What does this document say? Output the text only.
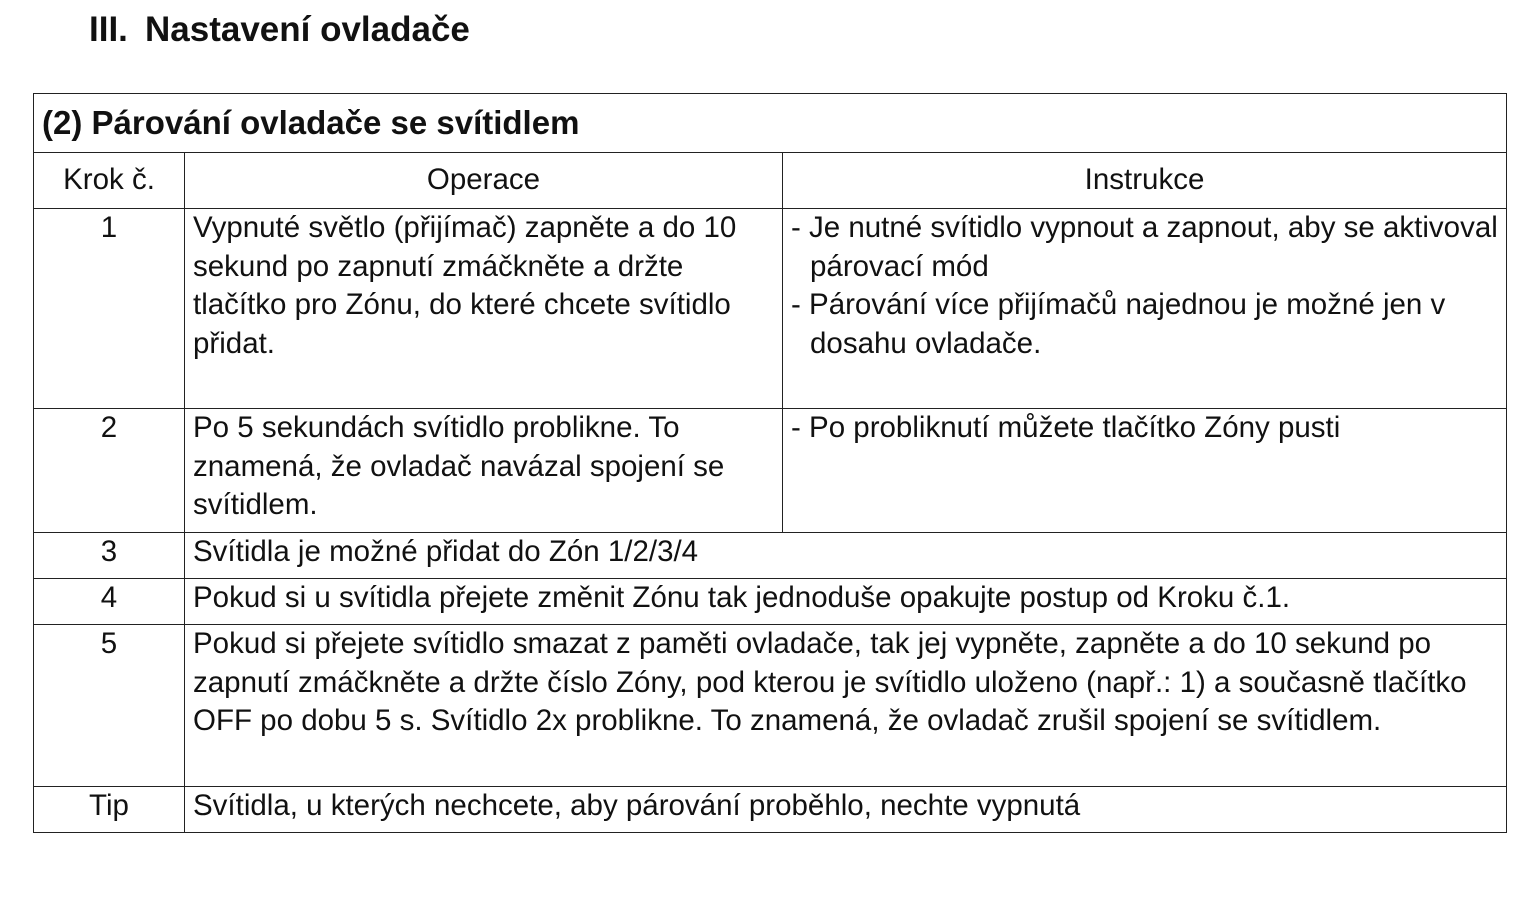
III. Nastavení ovladače
(2) Párování ovladače se svítidlem		
Krok č.	Operace	Instrukce
1	Vypnuté světlo (přijímač) zapněte a do 10 sekund po zapnutí zmáčkněte a držte tlačítko pro Zónu, do které chcete svítidlo přidat.	- Je nutné svítidlo vypnout a zapnout, aby se aktivoval párovací mód
- Párování více přijímačů najednou je možné jen v dosahu ovladače.

2	Po 5 sekundách svítidlo problikne. To znamená, že ovladač navázal spojení se svítidlem.	- Po probliknutí můžete tlačítko Zóny pusti

3	Svítidla je možné přidat do Zón 1/2/3/4	
4	Pokud si u svítidla přejete změnit Zónu tak jednoduše opakujte postup od Kroku č.1.	
5	Pokud si přejete svítidlo smazat z paměti ovladače, tak jej vypněte, zapněte a do 10 sekund po zapnutí zmáčkněte a držte číslo Zóny, pod kterou je svítidlo uloženo (např.: 1) a současně tlačítko OFF po dobu 5 s. Svítidlo 2x problikne. To znamená, že ovladač zrušil spojení se svítidlem.	
Tip	Svítidla, u kterých nechcete, aby párování proběhlo, nechte vypnutá	
